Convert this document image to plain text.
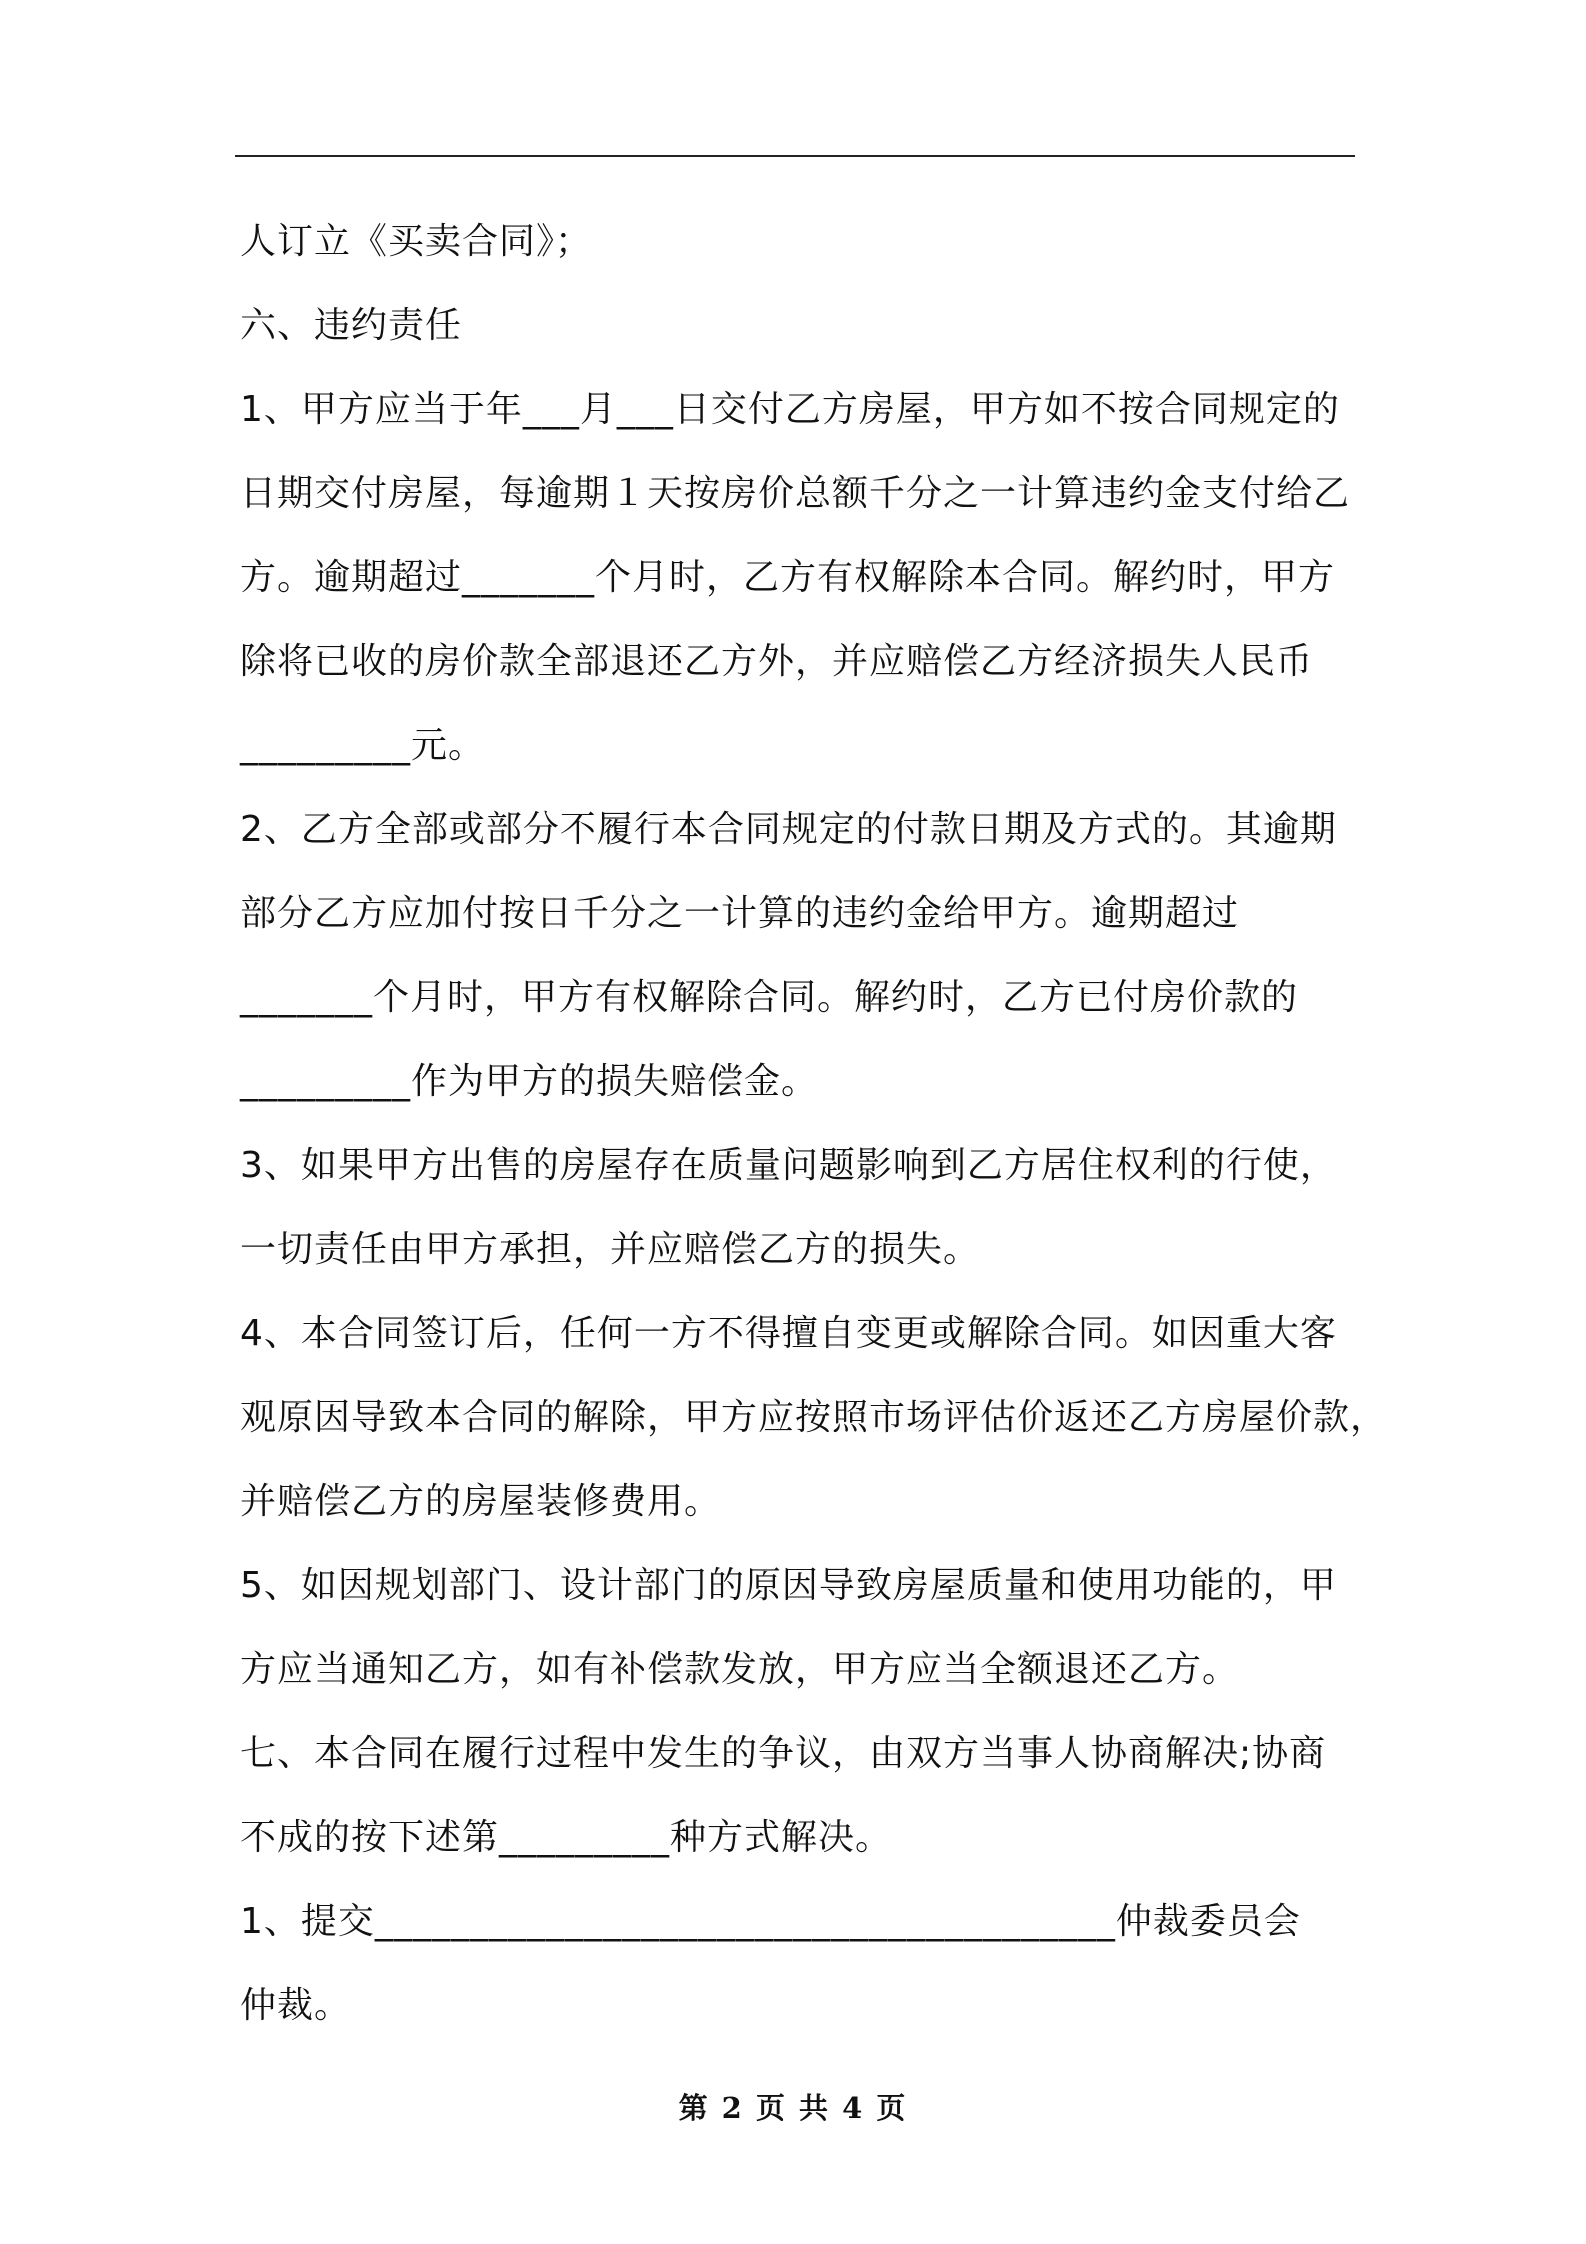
人订立《买卖合同》；
六、违约责任
1、甲方应当于年___月___日交付乙方房屋，甲方如不按合同规定的
日期交付房屋，每逾期１天按房价总额千分之一计算违约金支付给乙
方。逾期超过_______个月时，乙方有权解除本合同。解约时，甲方
除将已收的房价款全部退还乙方外，并应赔偿乙方经济损失人民币
_________元。
2、乙方全部或部分不履行本合同规定的付款日期及方式的。其逾期
部分乙方应加付按日千分之一计算的违约金给甲方。逾期超过
_______个月时，甲方有权解除合同。解约时，乙方已付房价款的
_________作为甲方的损失赔偿金。
3、如果甲方出售的房屋存在质量问题影响到乙方居住权利的行使，
一切责任由甲方承担，并应赔偿乙方的损失。
4、本合同签订后，任何一方不得擅自变更或解除合同。如因重大客
观原因导致本合同的解除，甲方应按照市场评估价返还乙方房屋价款，
并赔偿乙方的房屋装修费用。
5、如因规划部门、设计部门的原因导致房屋质量和使用功能的，甲
方应当通知乙方，如有补偿款发放，甲方应当全额退还乙方。
七、本合同在履行过程中发生的争议，由双方当事人协商解决;协商
不成的按下述第_________种方式解决。
1、提交_______________________________________仲裁委员会
仲裁。
第 2 页 共 4 页
